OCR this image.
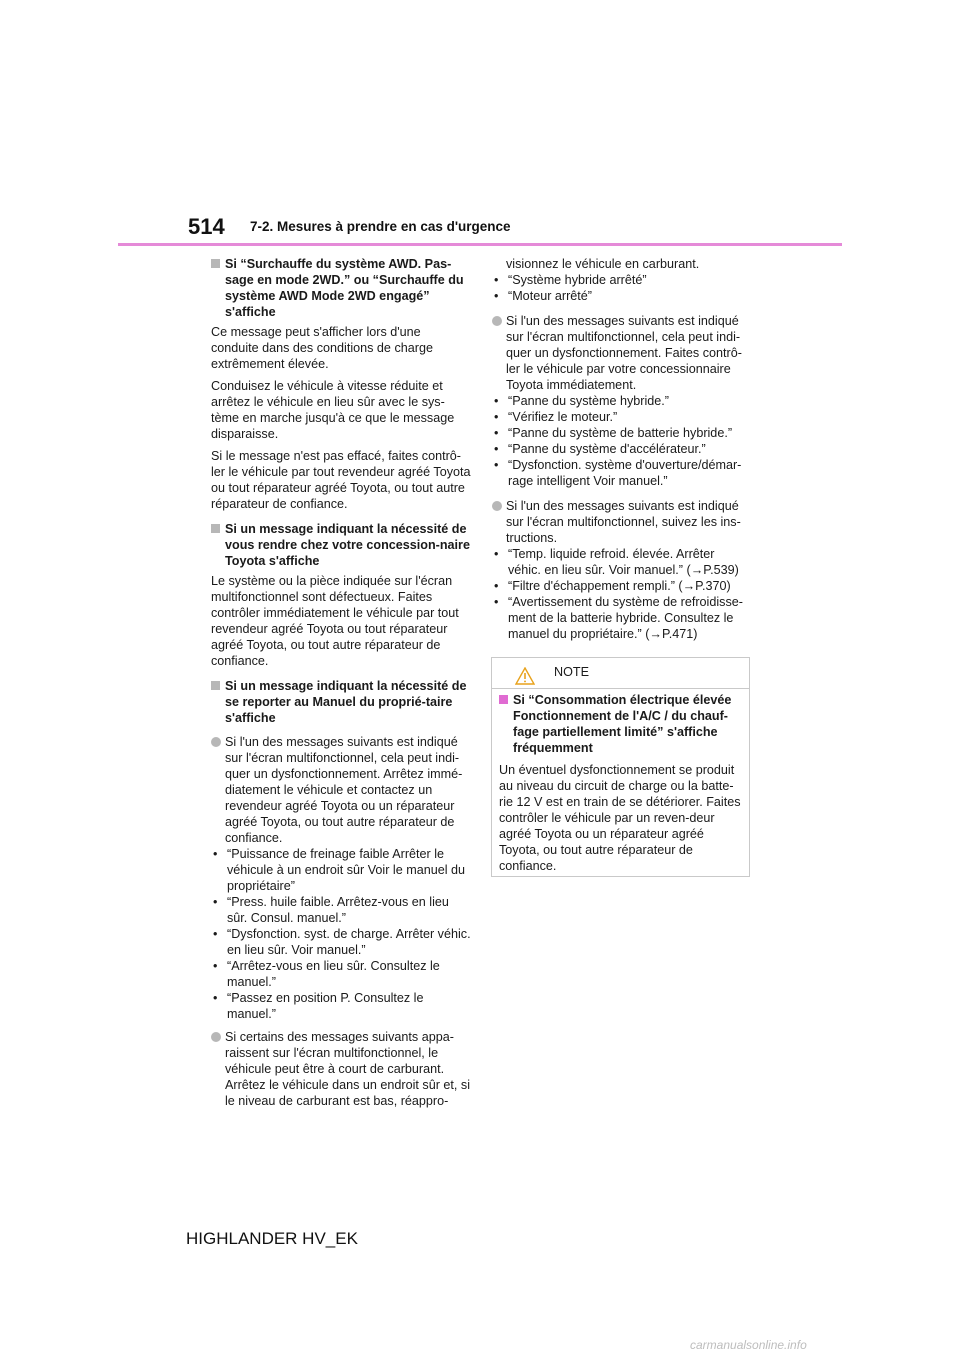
514 7-2. Mesures à prendre en cas d'urgence
Si “Surchauffe du système AWD. Pas-sage en mode 2WD.” ou “Surchauffe du système AWD Mode 2WD engagé” s'affiche

Ce message peut s'afficher lors d'une conduite dans des conditions de charge extrêmement élevée.

Conduisez le véhicule à vitesse réduite et arrêtez le véhicule en lieu sûr avec le sys-tème en marche jusqu'à ce que le message disparaisse.

Si le message n'est pas effacé, faites contrô-ler le véhicule par tout revendeur agréé Toyota ou tout réparateur agréé Toyota, ou tout autre réparateur de confiance.

Si un message indiquant la nécessité de vous rendre chez votre concession-naire Toyota s'affiche

Le système ou la pièce indiquée sur l'écran multifonctionnel sont défectueux. Faites contrôler immédiatement le véhicule par tout revendeur agréé Toyota ou tout réparateur agréé Toyota, ou tout autre réparateur de confiance.

Si un message indiquant la nécessité de se reporter au Manuel du proprié-taire s'affiche
Si l'un des messages suivants est indiqué sur l'écran multifonctionnel, cela peut indi-quer un dysfonctionnement. Arrêtez immé-diatement le véhicule et contactez un revendeur agréé Toyota ou un réparateur agréé Toyota, ou tout autre réparateur de confiance.
• “Puissance de freinage faible Arrêter le véhicule à un endroit sûr Voir le manuel du propriétaire”
• “Press. huile faible. Arrêtez-vous en lieu sûr. Consul. manuel.”
• “Dysfonction. syst. de charge. Arrêter véhic. en lieu sûr. Voir manuel.”
• “Arrêtez-vous en lieu sûr. Consultez le manuel.”
• “Passez en position P. Consultez le manuel.”
Si certains des messages suivants appa-raissent sur l'écran multifonctionnel, le véhicule peut être à court de carburant. Arrêtez le véhicule dans un endroit sûr et, si le niveau de carburant est bas, réappro-

visionnez le véhicule en carburant.

• “Système hybride arrêté”
• “Moteur arrêté”
Si l'un des messages suivants est indiqué sur l'écran multifonctionnel, cela peut indi-quer un dysfonctionnement. Faites contrô-ler le véhicule par votre concessionnaire Toyota immédiatement.
• “Panne du système hybride.”
• “Vérifiez le moteur.”
• “Panne du système de batterie hybride.”
• “Panne du système d'accélérateur.”
• “Dysfonction. système d'ouverture/démar-rage intelligent Voir manuel.”
Si l'un des messages suivants est indiqué sur l'écran multifonctionnel, suivez les ins-tructions.
• “Temp. liquide refroid. élevée. Arrêter véhic. en lieu sûr. Voir manuel.” (→P.539)
• “Filtre d'échappement rempli.” (→P.370)
• “Avertissement du système de refroidisse-ment de la batterie hybride. Consultez le manuel du propriétaire.” (→P.471)
NOTE
Si “Consommation électrique élevée Fonctionnement de l'A/C / du chauf-fage partiellement limité” s'affiche fréquemment

Un éventuel dysfonctionnement se produit au niveau du circuit de charge ou la batte-rie 12 V est en train de se détériorer. Faites contrôler le véhicule par un reven-deur agréé Toyota ou un réparateur agréé Toyota, ou tout autre réparateur de confiance.

HIGHLANDER HV_EK
carmanualsonline.info
